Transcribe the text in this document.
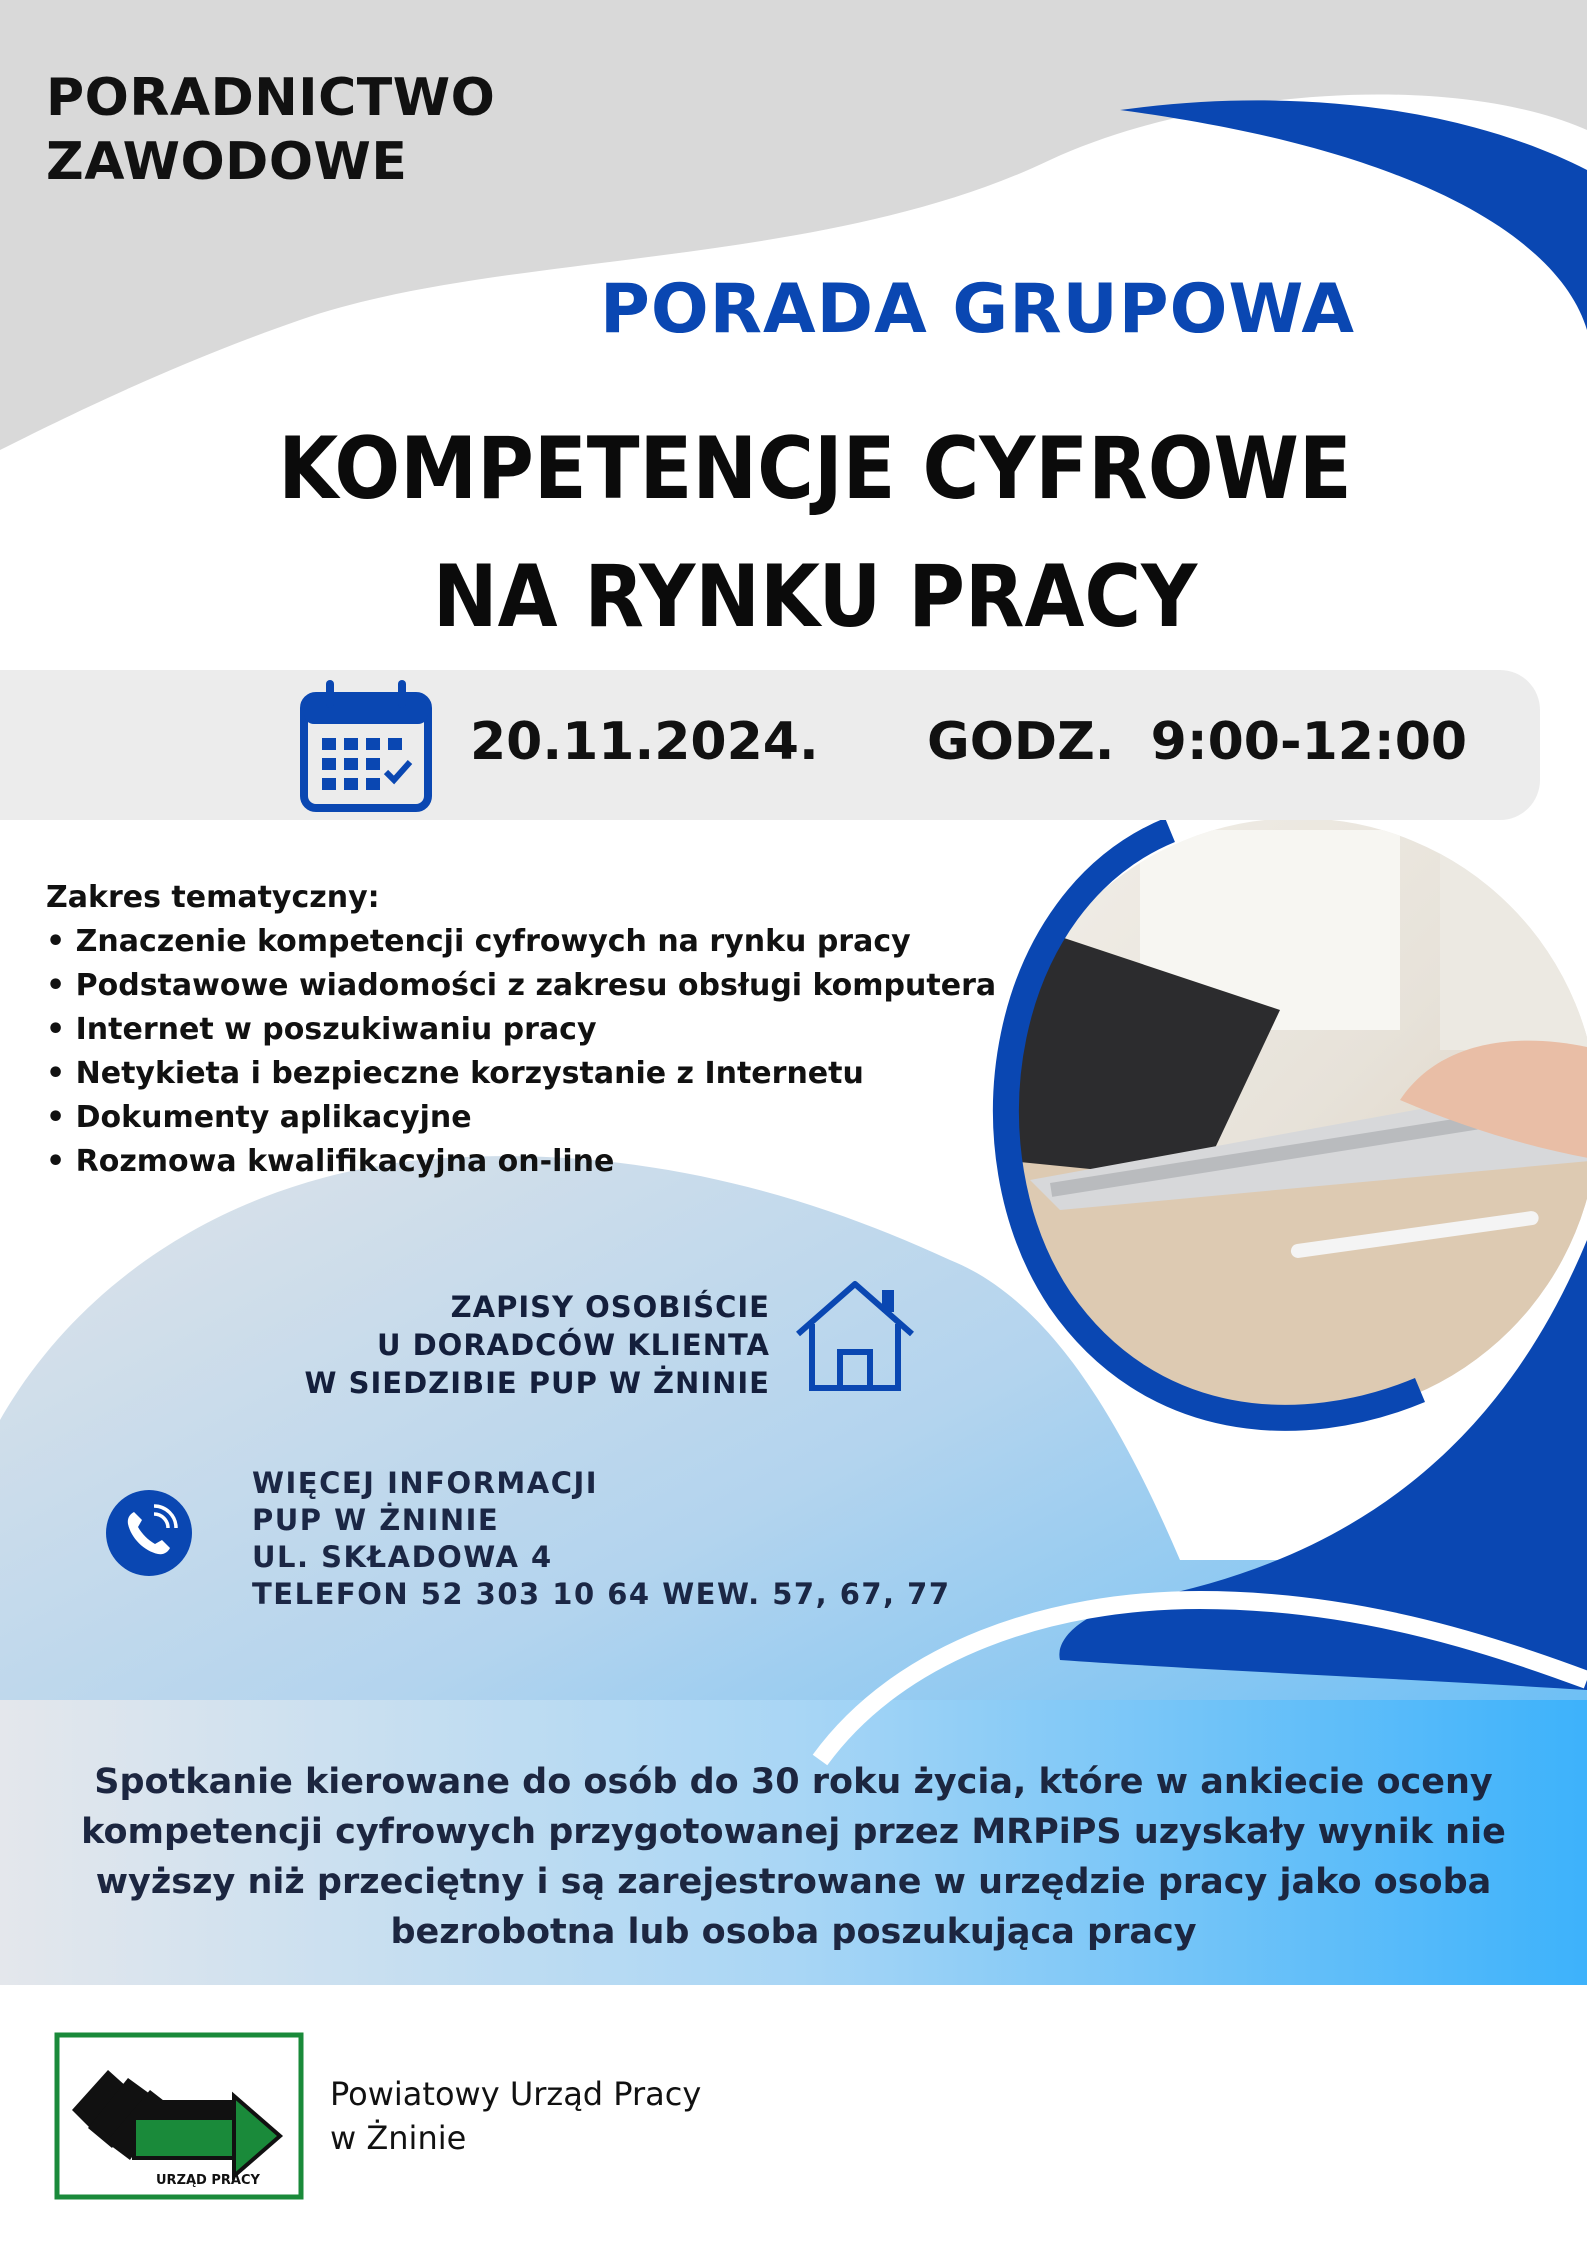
PORADNICTWO
ZAWODOWE
PORADA GRUPOWA
KOMPETENCJE CYFROWE
NA RYNKU PRACY
20.11.2024. GODZ. 9:00-12:00
Zakres tematyczny:
• Znaczenie kompetencji cyfrowych na rynku pracy
• Podstawowe wiadomości z zakresu obsługi komputera
• Internet w poszukiwaniu pracy
• Netykieta i bezpieczne korzystanie z Internetu
• Dokumenty aplikacyjne
• Rozmowa kwalifikacyjna on-line
ZAPISY OSOBIŚCIE
U DORADCÓW KLIENTA
W SIEDZIBIE PUP W ŻNINIE
WIĘCEJ INFORMACJI
PUP W ŻNINIE
UL. SKŁADOWA 4
TELEFON 52 303 10 64 WEW. 57, 67, 77
Spotkanie kierowane do osób do 30 roku życia, które w ankiecie oceny
kompetencji cyfrowych przygotowanej przez MRPiPS uzyskały wynik nie
wyższy niż przeciętny i są zarejestrowane w urzędzie pracy jako osoba
bezrobotna lub osoba poszukująca pracy
URZĄD PRACY
Powiatowy Urząd Pracy
w Żninie
